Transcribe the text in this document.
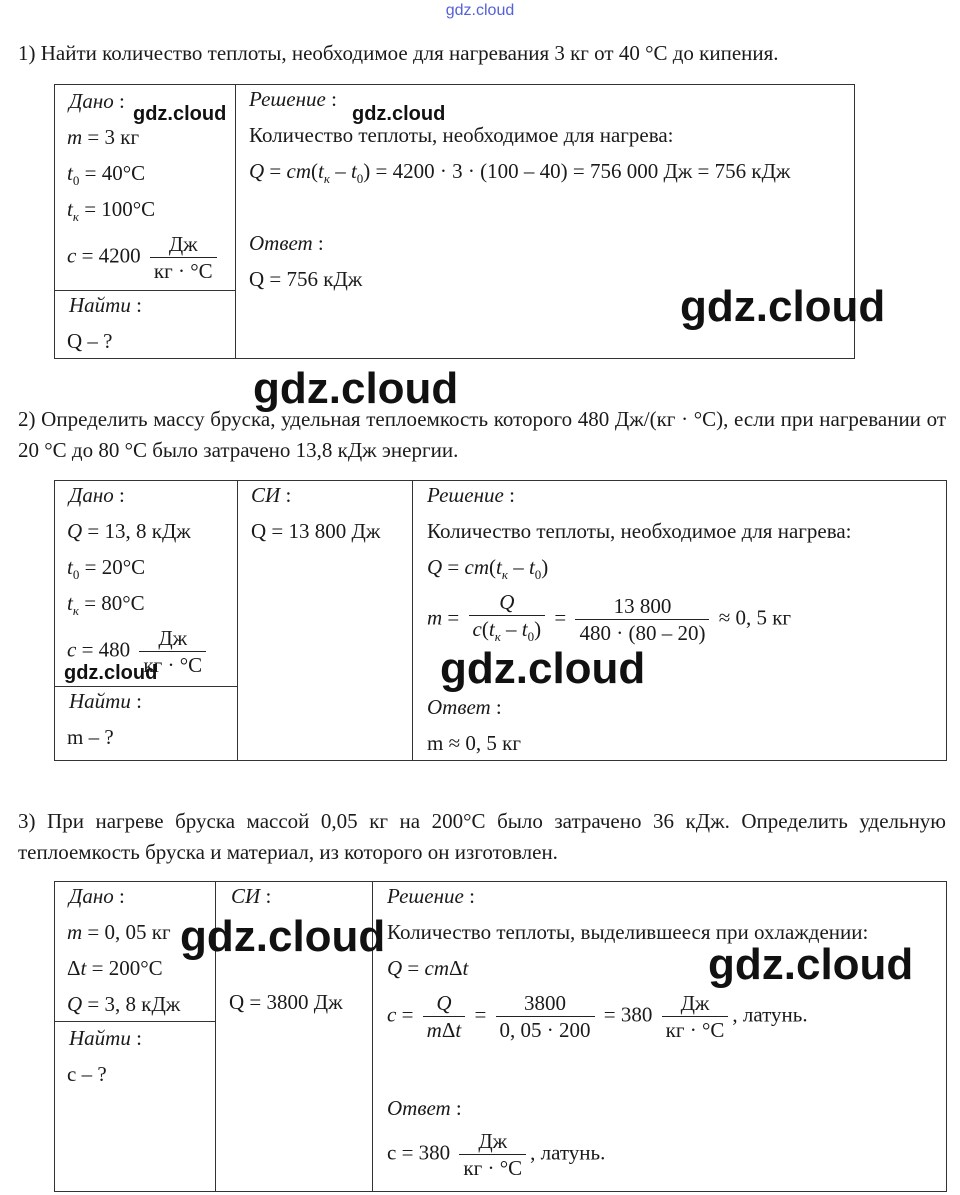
gdz.cloud
1) Найти количество теплоты, необходимое для нагревания 3 кг от 40 °С до кипения.
Дано :
m = 3 кг
$t_0 = 40^\circ С$
$t_к = 100^\circ С$
$c = 4200 \frac{Дж}{кг \cdot ^\circ С}$
Найти :
Q – ?
Решение :
Количество теплоты, необходимое для нагрева:
$Q = cm(t_к - t_0) = 4200 \cdot 3 \cdot (100 - 40) = 756$ 000 Дж = 756 кДж
Ответ :
Q = 756 кДж
gdz.cloud	gdz.cloud
gdz.cloud
gdz.cloud
2) Определить массу бруска, удельная теплоемкость которого 480 Дж/(кг · °С), если при нагревании от 20 °С до 80 °С было затрачено 13,8 кДж энергии.
Дано :
Q = 13, 8 кДж
$t_0 = 20^\circ С$
$t_к = 80^\circ С$
$c = 480 \frac{Дж}{кг \cdot ^\circ С}$
Найти :
m – ?
СИ :
Q = 13 800 Дж
Решение :
Количество теплоты, необходимое для нагрева:
$Q = cm(t_к - t_0)$
$m = \frac{Q}{c(t_к - t_0)} = \frac{13 800}{480 \cdot (80 - 20)} \approx 0$, 5 кг
Ответ :
m ≈ 0, 5 кг
gdz.cloud	gdz.cloud
3) При нагреве бруска массой 0,05 кг на 200°С было затрачено 36 кДж. Определить удельную теплоемкость бруска и материал, из которого он изготовлен.
Дано :
m = 0, 05 кг
Δt = 200°С
Q = 3, 8 кДж
Найти :
c – ?
СИ :
Q = 3800 Дж
Решение :
Количество теплоты, выделившееся при охлаждении:
Q = cmΔt
$c = \frac{Q}{\text{mΔt}} = \frac{3800}{0, 05 \cdot 200} = 380 \frac{Дж}{кг \cdot ^\circ С}$ , латунь.
Ответ :
$c = 380 \frac{Дж}{кг \cdot ^\circ С}$ , латунь.
gdz.cloud
gdz.cloud
